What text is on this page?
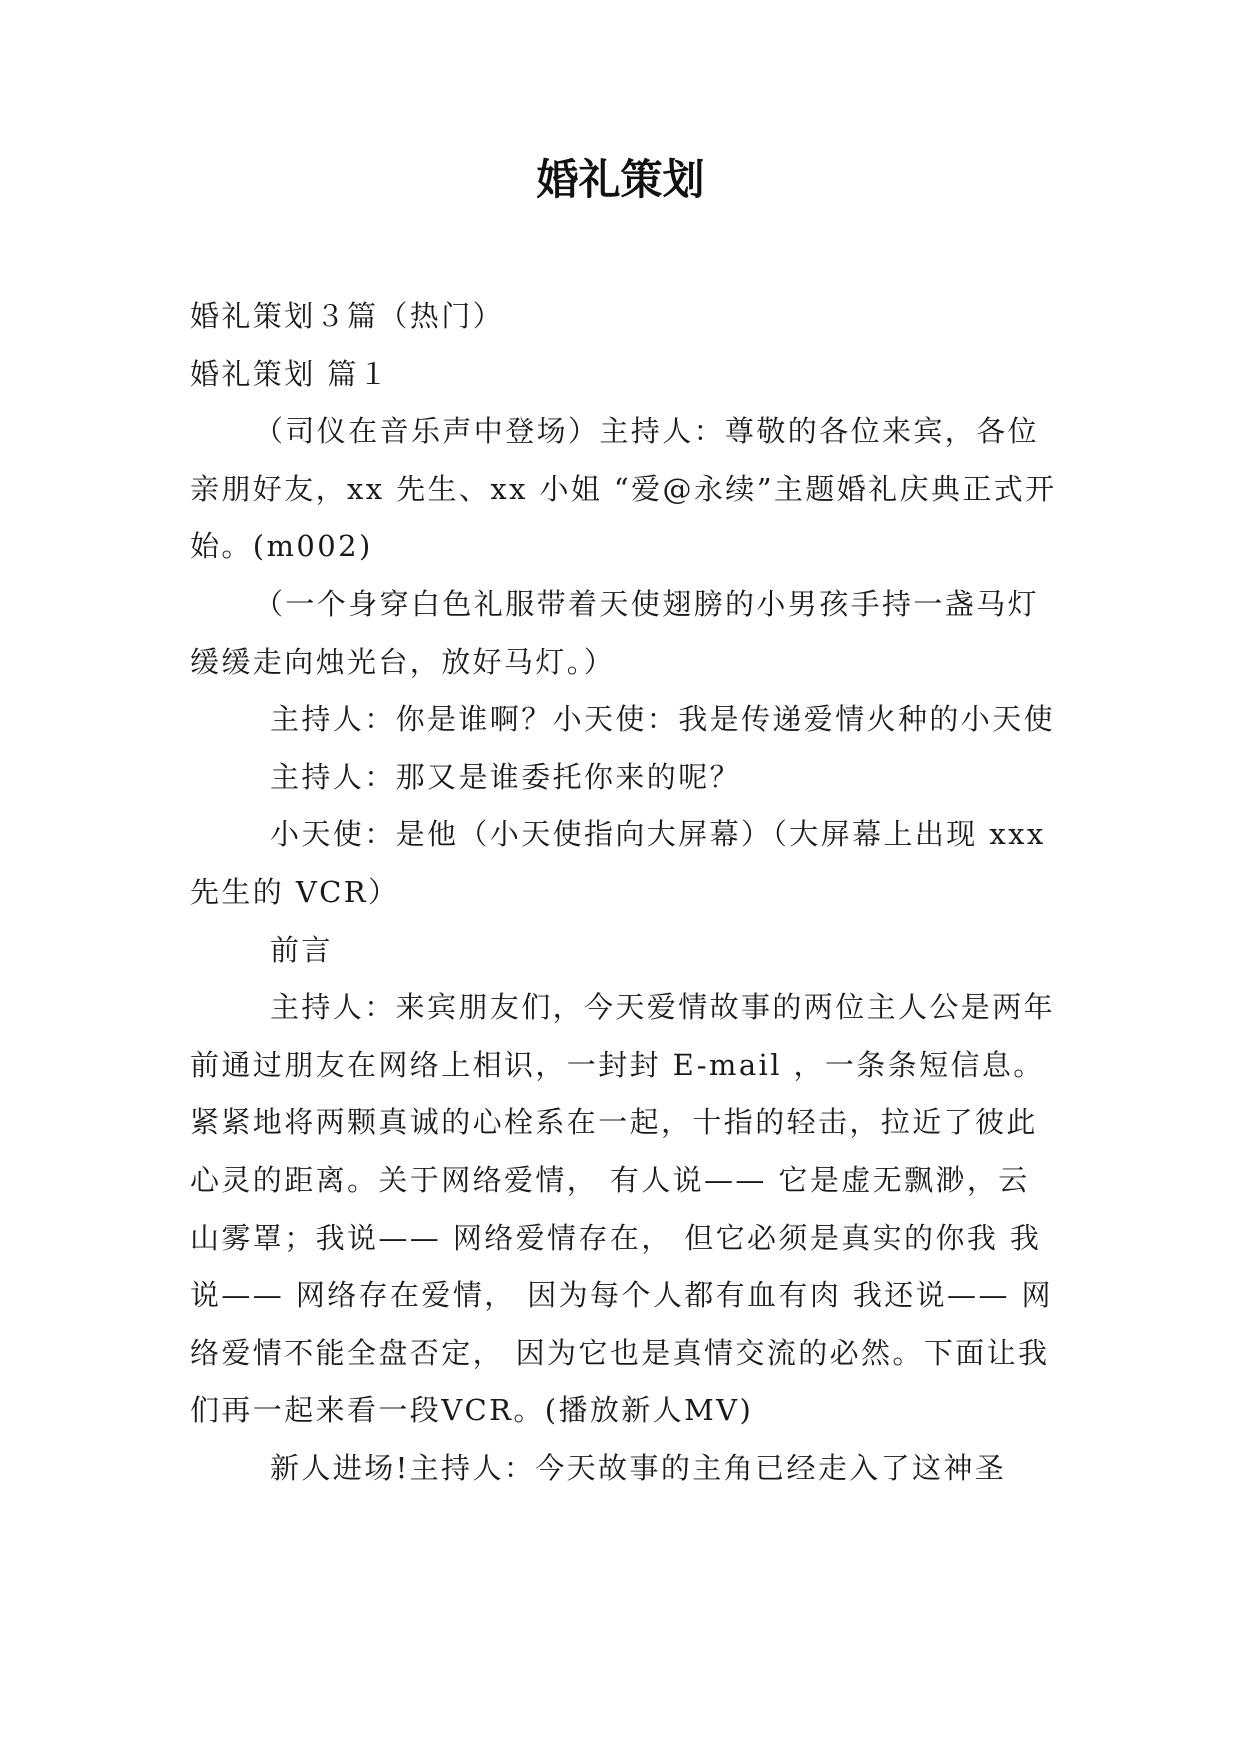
婚礼策划

婚礼策划３篇（热门）

婚礼策划 篇１

（司仪在音乐声中登场）主持人：尊敬的各位来宾，各位亲朋好友，xx 先生、xx 小姐 “爱@永续”主题婚礼庆典正式开始。(m002)

（一个身穿白色礼服带着天使翅膀的小男孩手持一盏马灯缓缓走向烛光台，放好马灯。）

主持人：你是谁啊？小天使：我是传递爱情火种的小天使

主持人：那又是谁委托你来的呢？

小天使：是他（小天使指向大屏幕）（大屏幕上出现 xxx 先生的 VCR）

前言

主持人：来宾朋友们，今天爱情故事的两位主人公是两年前通过朋友在网络上相识，一封封 E-mail ，一条条短信息。紧紧地将两颗真诚的心栓系在一起，十指的轻击，拉近了彼此心灵的距离。关于网络爱情， 有人说—— 它是虚无飘渺，云山雾罩；我说—— 网络爱情存在， 但它必须是真实的你我 我说—— 网络存在爱情， 因为每个人都有血有肉 我还说—— 网络爱情不能全盘否定， 因为它也是真情交流的必然。下面让我们再一起来看一段VCR。(播放新人MV)

新人进场!主持人：今天故事的主角已经走入了这神圣
